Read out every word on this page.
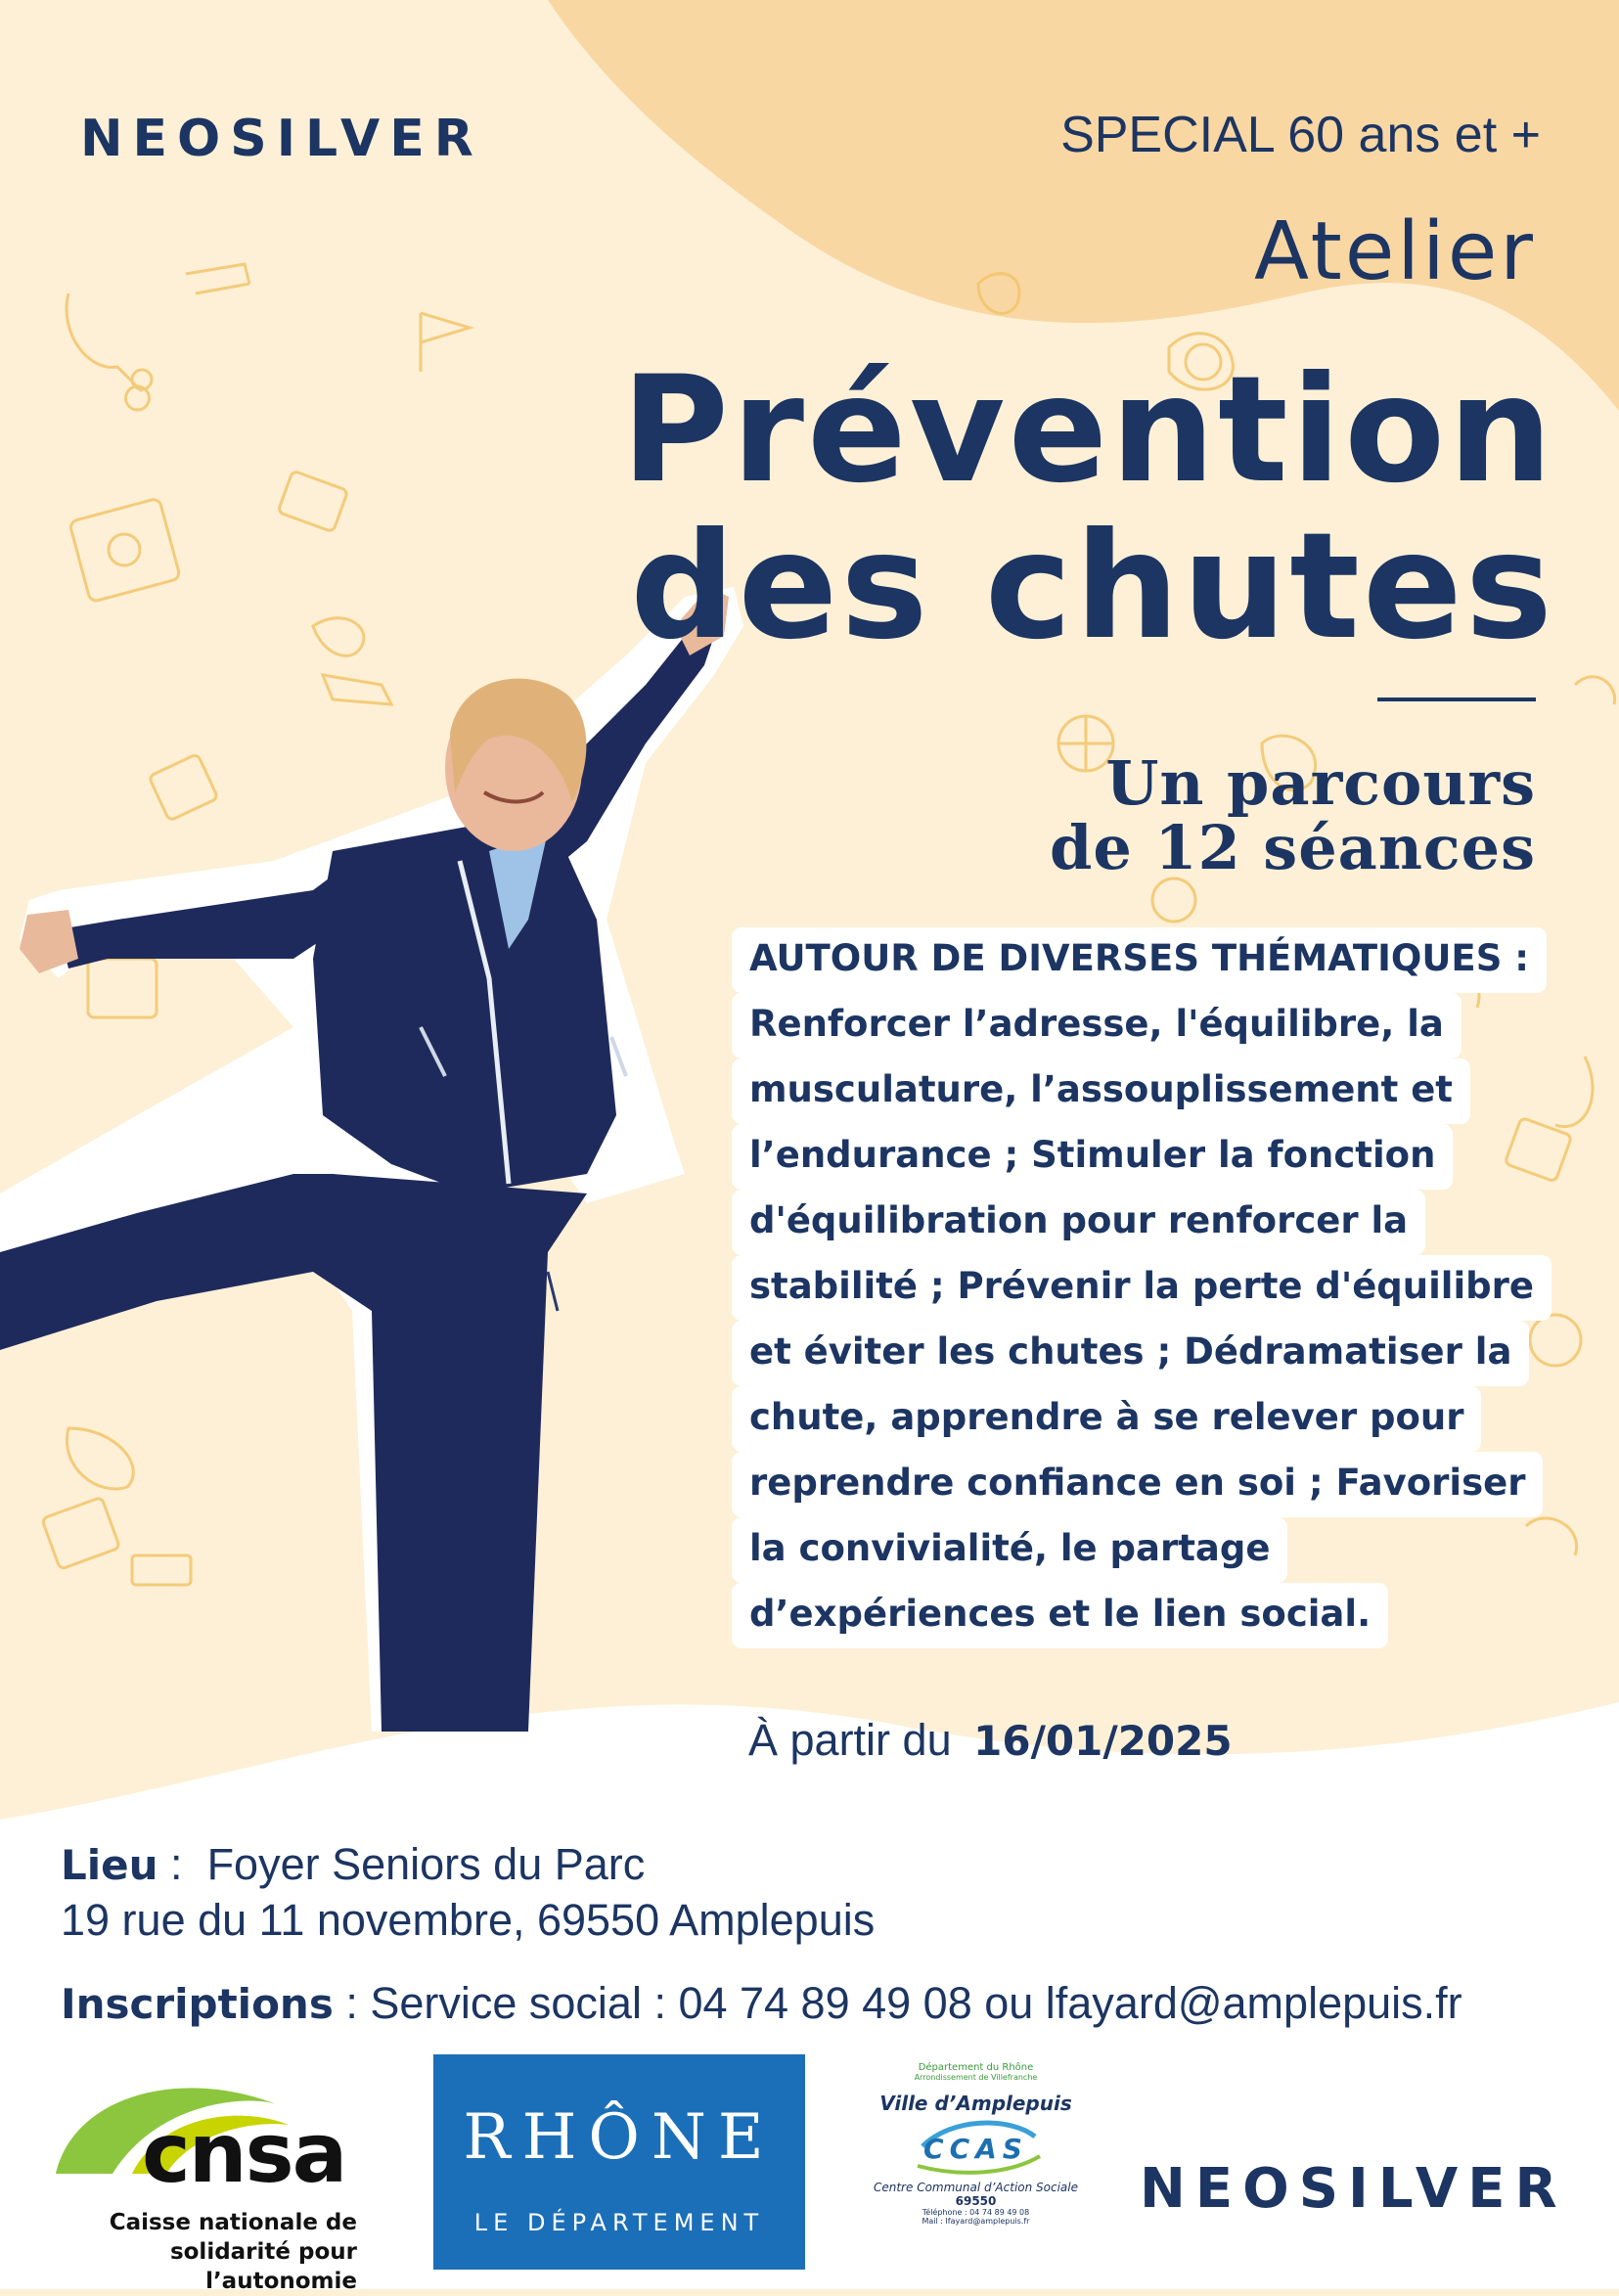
NEOSILVER	SPECIAL 60 ans et +
Atelier
Prévention
des chutes
Un parcours
de 12 séances
AUTOUR DE DIVERSES THÉMATIQUES :
Renforcer l’adresse, l'équilibre, la
musculature, l’assouplissement et
l’endurance ; Stimuler la fonction
d'équilibration pour renforcer la
stabilité ; Prévenir la perte d'équilibre
et éviter les chutes ; Dédramatiser la
chute, apprendre à se relever pour
reprendre confiance en soi ; Favoriser
la convivialité, le partage
d’expériences et le lien social.
À partir du 16/01/2025
Lieu :  Foyer Seniors du Parc
19 rue du 11 novembre, 69550 Amplepuis
Inscriptions : Service social : 04 74 89 49 08 ou lfayard@amplepuis.fr
cnsa
Caisse nationale de
solidarité pour l’autonomie
RHÔNE
LE DÉPARTEMENT
Département du Rhône
Arrondissement de Villefranche
Ville d’Amplepuis
CCAS
Centre Communal d’Action Sociale
69550
Téléphone : 04 74 89 49 08
Mail : lfayard@amplepuis.fr
NEOSILVER
